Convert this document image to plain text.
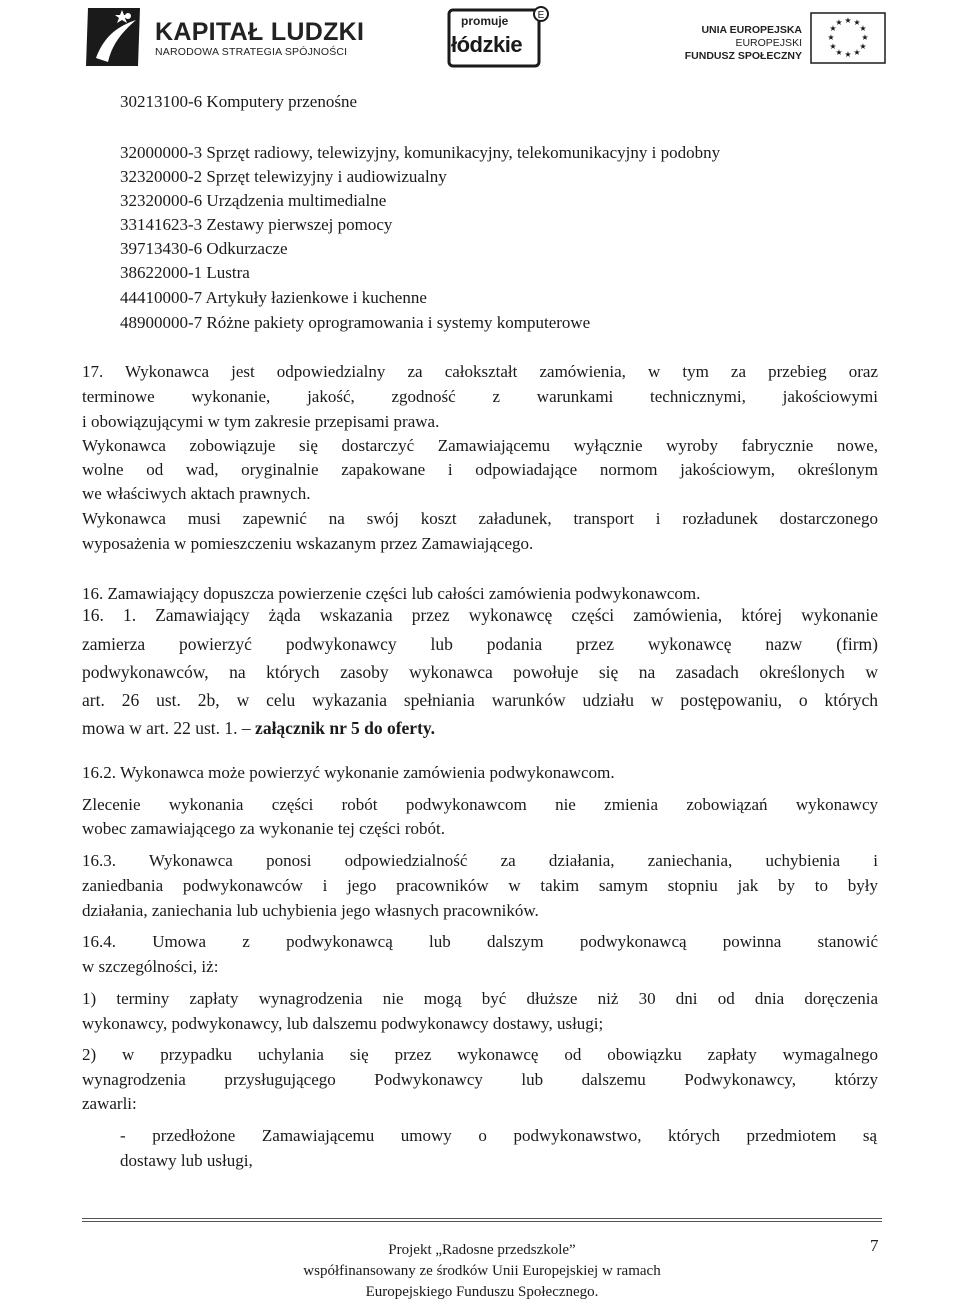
KAPITAŁ LUDZKI
NARODOWA STRATEGIA SPÓJNOŚCI
E
promuje
łódzkie
UNIA EUROPEJSKA
EUROPEJSKI
FUNDUSZ SPOŁECZNY
★ ★
★
★
★
★
★
★
★
★
★
★
30213100-6 Komputery przenośne
32000000-3 Sprzęt radiowy, telewizyjny, komunikacyjny, telekomunikacyjny i podobny
32320000-2 Sprzęt telewizyjny i audiowizualny
32320000-6 Urządzenia multimedialne
33141623-3 Zestawy pierwszej pomocy
39713430-6 Odkurzacze
38622000-1 Lustra
44410000-7 Artykuły łazienkowe i kuchenne
48900000-7 Różne pakiety oprogramowania i systemy komputerowe
17. Wykonawca jest odpowiedzialny za całokształt zamówienia, w tym za przebieg oraz
terminowe wykonanie, jakość, zgodność z warunkami technicznymi, jakościowymi
i obowiązującymi w tym zakresie przepisami prawa.
Wykonawca zobowiązuje się dostarczyć Zamawiającemu wyłącznie wyroby fabrycznie nowe,
wolne od wad, oryginalnie zapakowane i odpowiadające normom jakościowym, określonym
we właściwych aktach prawnych.
Wykonawca musi zapewnić na swój koszt załadunek, transport i rozładunek dostarczonego
wyposażenia w pomieszczeniu wskazanym przez Zamawiającego.
16. Zamawiający dopuszcza powierzenie części lub całości zamówienia podwykonawcom.
16. 1. Zamawiający żąda wskazania przez wykonawcę części zamówienia, której wykonanie
zamierza powierzyć podwykonawcy lub podania przez wykonawcę nazw (firm)
podwykonawców, na których zasoby wykonawca powołuje się na zasadach określonych w
art. 26 ust. 2b, w celu wykazania spełniania warunków udziału w postępowaniu, o których
mowa w art. 22 ust. 1. – załącznik nr 5 do oferty.
16.2. Wykonawca może powierzyć wykonanie zamówienia podwykonawcom.
Zlecenie wykonania części robót podwykonawcom nie zmienia zobowiązań wykonawcy
wobec zamawiającego za wykonanie tej części robót.
16.3. Wykonawca ponosi odpowiedzialność za działania, zaniechania, uchybienia i
zaniedbania podwykonawców i jego pracowników w takim samym stopniu jak by to były
działania, zaniechania lub uchybienia jego własnych pracowników.
16.4. Umowa z podwykonawcą lub dalszym podwykonawcą powinna stanowić
w szczególności, iż:
1) terminy zapłaty wynagrodzenia nie mogą być dłuższe niż 30 dni od dnia doręczenia
wykonawcy, podwykonawcy, lub dalszemu podwykonawcy dostawy, usługi;
2) w przypadku uchylania się przez wykonawcę od obowiązku zapłaty wymagalnego
wynagrodzenia przysługującego Podwykonawcy lub dalszemu Podwykonawcy, którzy
zawarli:
- przedłożone Zamawiającemu umowy o podwykonawstwo, których przedmiotem są
dostawy lub usługi,
Projekt „Radosne przedszkole”
współfinansowany ze środków Unii Europejskiej w ramach
Europejskiego Funduszu Społecznego.
7
